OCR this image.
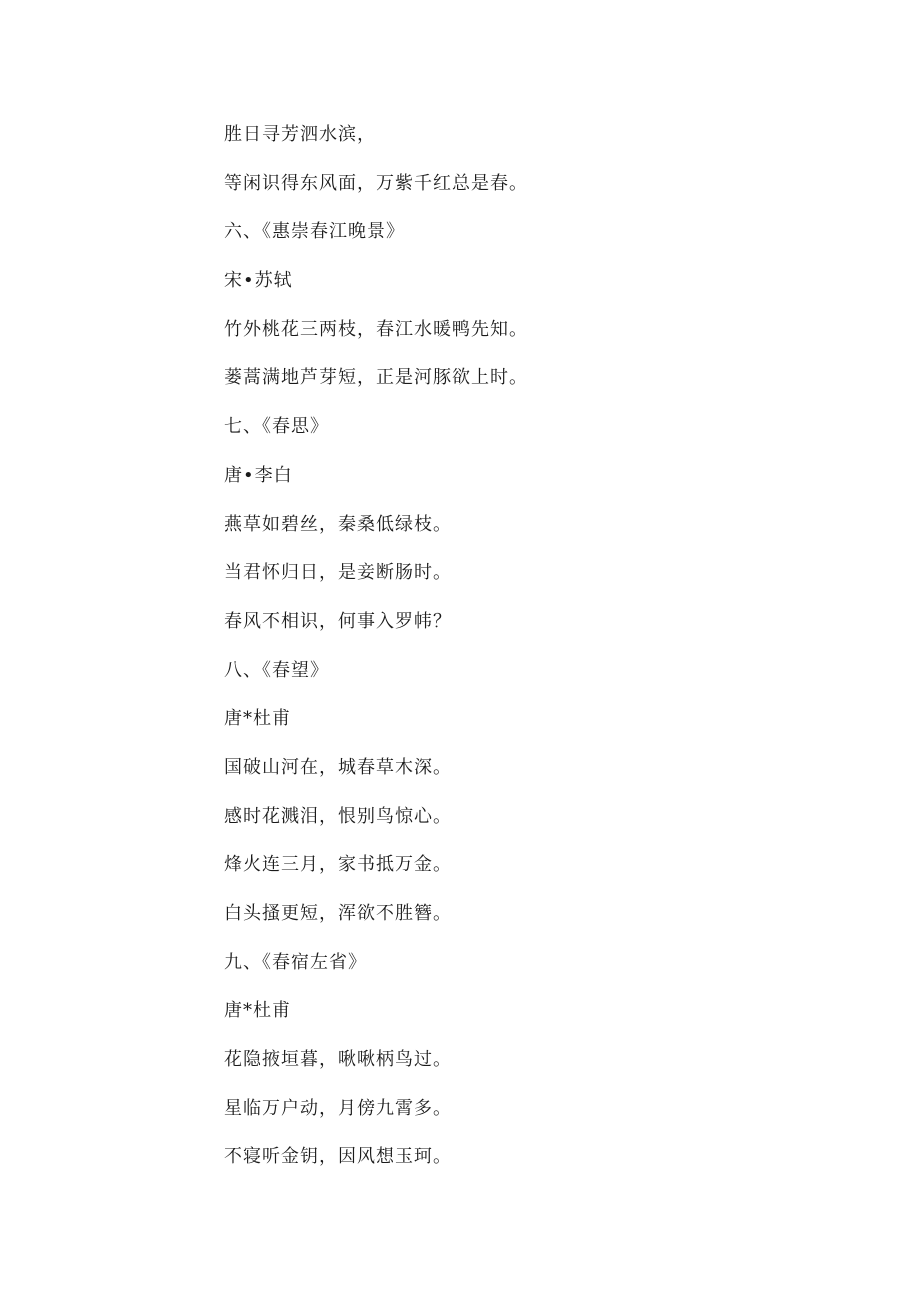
胜日寻芳泗水滨，
等闲识得东风面，万紫千红总是春。
六、《惠崇春江晚景》
宋•苏轼
竹外桃花三两枝，春江水暖鸭先知。
蒌蒿满地芦芽短，正是河豚欲上时。
七、《春思》
唐•李白
燕草如碧丝，秦桑低绿枝。
当君怀归日，是妾断肠时。
春风不相识，何事入罗帏？
八、《春望》
唐*杜甫
国破山河在，城春草木深。
感时花溅泪，恨别鸟惊心。
烽火连三月，家书抵万金。
白头搔更短，浑欲不胜簪。
九、《春宿左省》
唐*杜甫
花隐掖垣暮，啾啾柄鸟过。
星临万户动，月傍九霄多。
不寝听金钥，因风想玉珂。
